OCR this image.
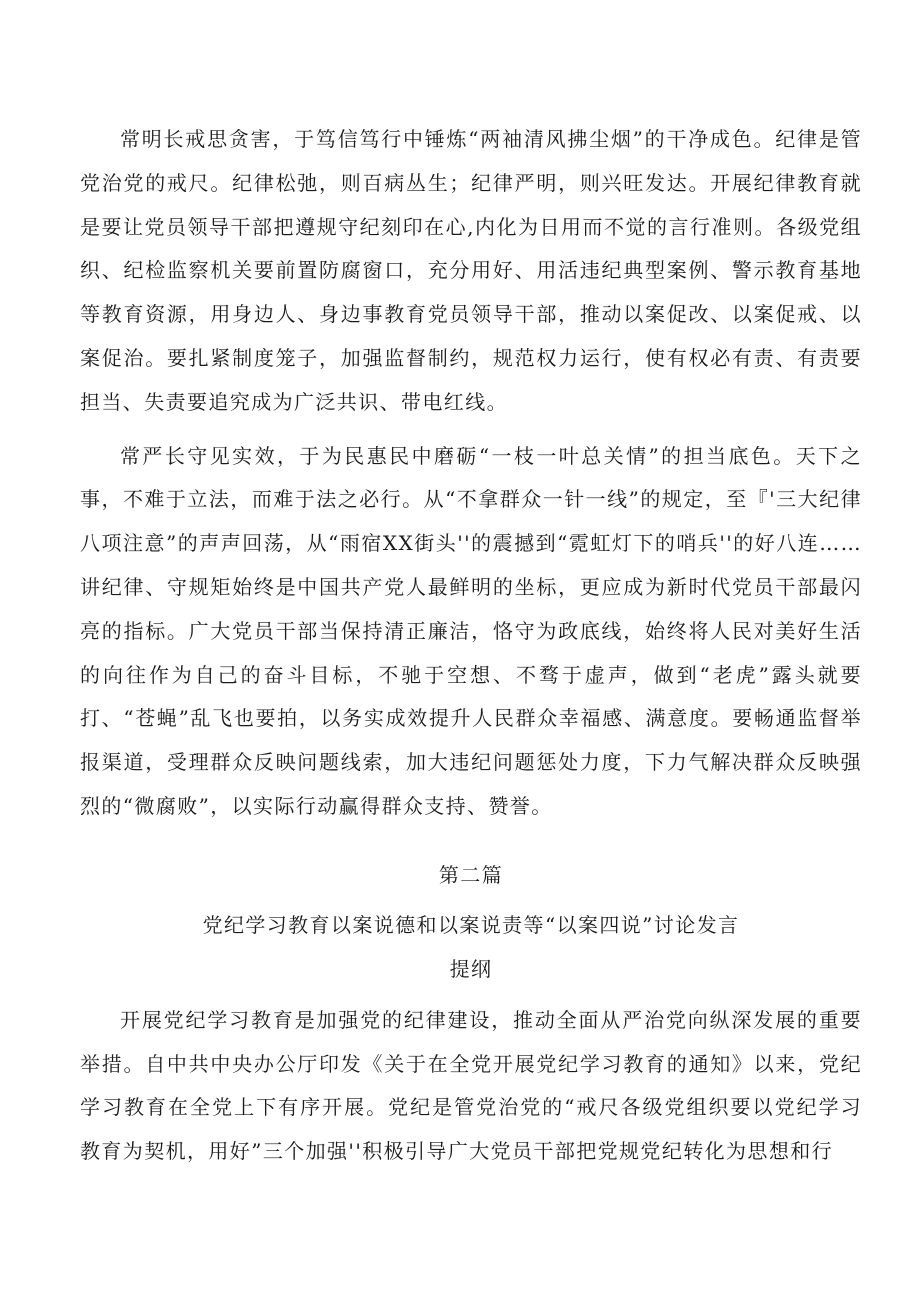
常明长戒思贪害，于笃信笃行中锤炼“两袖清风拂尘烟”的干净成色。纪律是管党治党的戒尺。纪律松弛，则百病丛生；纪律严明，则兴旺发达。开展纪律教育就是要让党员领导干部把遵规守纪刻印在心,内化为日用而不觉的言行准则。各级党组织、纪检监察机关要前置防腐窗口，充分用好、用活违纪典型案例、警示教育基地等教育资源，用身边人、身边事教育党员领导干部，推动以案促改、以案促戒、以案促治。要扎紧制度笼子，加强监督制约，规范权力运行，使有权必有责、有责要担当、失责要追究成为广泛共识、带电红线。

常严长守见实效，于为民惠民中磨砺“一枝一叶总关情”的担当底色。天下之事，不难于立法，而难于法之必行。从“不拿群众一针一线”的规定，至『'三大纪律八项注意”的声声回荡，从“雨宿XX街头''的震撼到“霓虹灯下的哨兵''的好八连……讲纪律、守规矩始终是中国共产党人最鲜明的坐标，更应成为新时代党员干部最闪亮的指标。广大党员干部当保持清正廉洁，恪守为政底线，始终将人民对美好生活的向往作为自己的奋斗目标，不驰于空想、不骛于虚声，做到“老虎”露头就要打、“苍蝇”乱飞也要拍，以务实成效提升人民群众幸福感、满意度。要畅通监督举报渠道，受理群众反映问题线索，加大违纪问题惩处力度，下力气解决群众反映强烈的“微腐败”，以实际行动赢得群众支持、赞誉。

第二篇

党纪学习教育以案说德和以案说责等“以案四说”讨论发言

提纲

开展党纪学习教育是加强党的纪律建设，推动全面从严治党向纵深发展的重要举措。自中共中央办公厅印发《关于在全党开展党纪学习教育的通知》以来，党纪学习教育在全党上下有序开展。党纪是管党治党的“戒尺各级党组织要以党纪学习教育为契机，用好”三个加强''积极引导广大党员干部把党规党纪转化为思想和行
